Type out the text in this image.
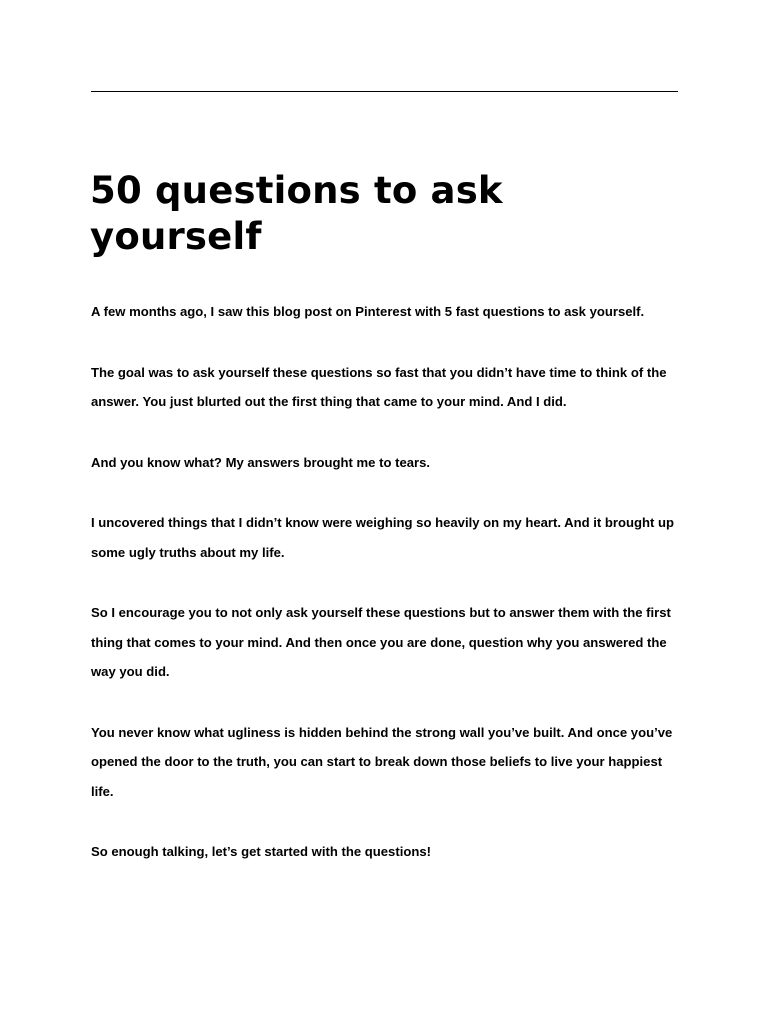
50 questions to ask
yourself

A few months ago, I saw this blog post on Pinterest with 5 fast questions to ask yourself.

The goal was to ask yourself these questions so fast that you didn’t have time to think of the
answer. You just blurted out the first thing that came to your mind. And I did.

And you know what? My answers brought me to tears.

I uncovered things that I didn’t know were weighing so heavily on my heart. And it brought up
some ugly truths about my life.

So I encourage you to not only ask yourself these questions but to answer them with the first
thing that comes to your mind. And then once you are done, question why you answered the
way you did.

You never know what ugliness is hidden behind the strong wall you’ve built. And once you’ve
opened the door to the truth, you can start to break down those beliefs to live your happiest
life.

So enough talking, let’s get started with the questions!
